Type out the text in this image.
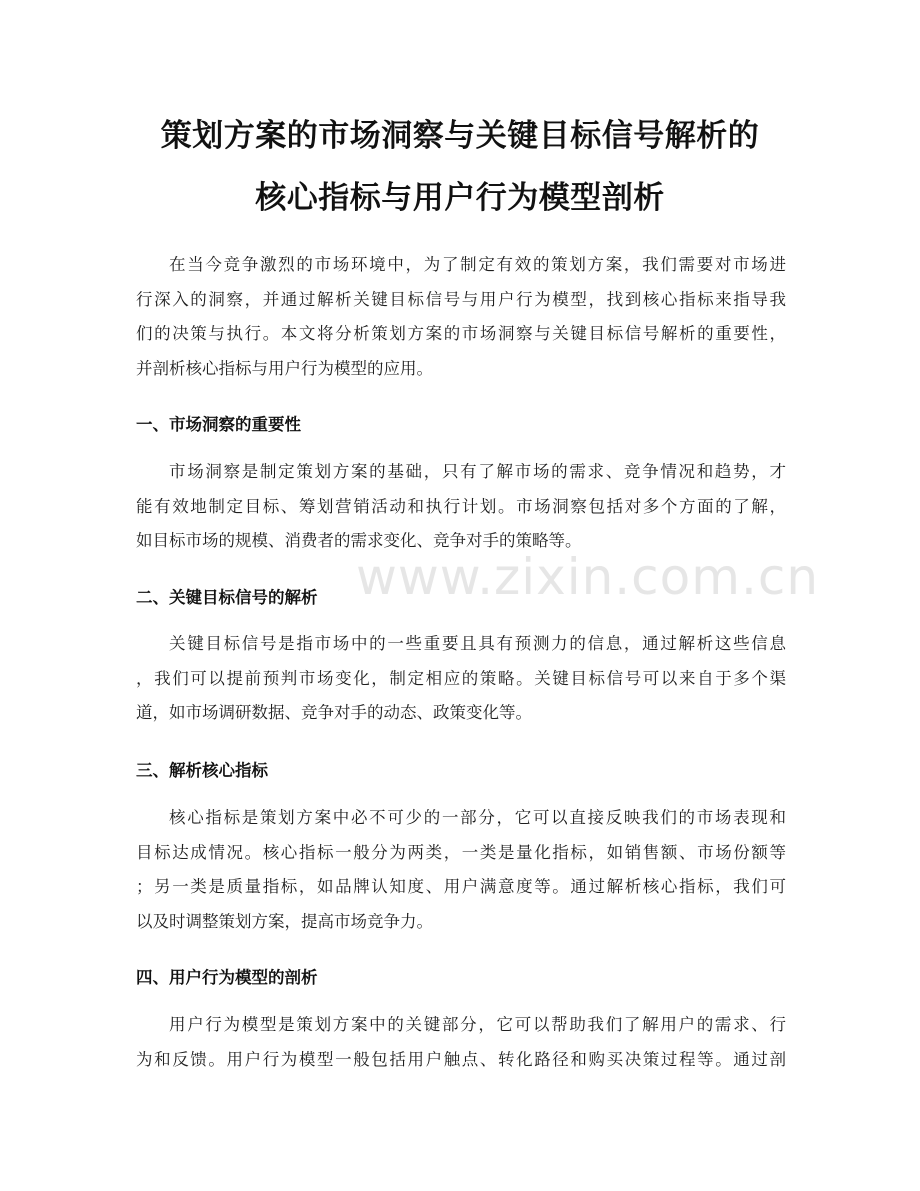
策划方案的市场洞察与关键目标信号解析的
核心指标与用户行为模型剖析
在当今竞争激烈的市场环境中，为了制定有效的策划方案，我们需要对市场进
行深入的洞察，并通过解析关键目标信号与用户行为模型，找到核心指标来指导我
们的决策与执行。本文将分析策划方案的市场洞察与关键目标信号解析的重要性，
并剖析核心指标与用户行为模型的应用。
一、市场洞察的重要性
市场洞察是制定策划方案的基础，只有了解市场的需求、竞争情况和趋势，才
能有效地制定目标、筹划营销活动和执行计划。市场洞察包括对多个方面的了解，
如目标市场的规模、消费者的需求变化、竞争对手的策略等。
www.zixin.com.cn
二、关键目标信号的解析
关键目标信号是指市场中的一些重要且具有预测力的信息，通过解析这些信息
，我们可以提前预判市场变化，制定相应的策略。关键目标信号可以来自于多个渠
道，如市场调研数据、竞争对手的动态、政策变化等。
三、解析核心指标
核心指标是策划方案中必不可少的一部分，它可以直接反映我们的市场表现和
目标达成情况。核心指标一般分为两类，一类是量化指标，如销售额、市场份额等
；另一类是质量指标，如品牌认知度、用户满意度等。通过解析核心指标，我们可
以及时调整策划方案，提高市场竞争力。
四、用户行为模型的剖析
用户行为模型是策划方案中的关键部分，它可以帮助我们了解用户的需求、行
为和反馈。用户行为模型一般包括用户触点、转化路径和购买决策过程等。通过剖
